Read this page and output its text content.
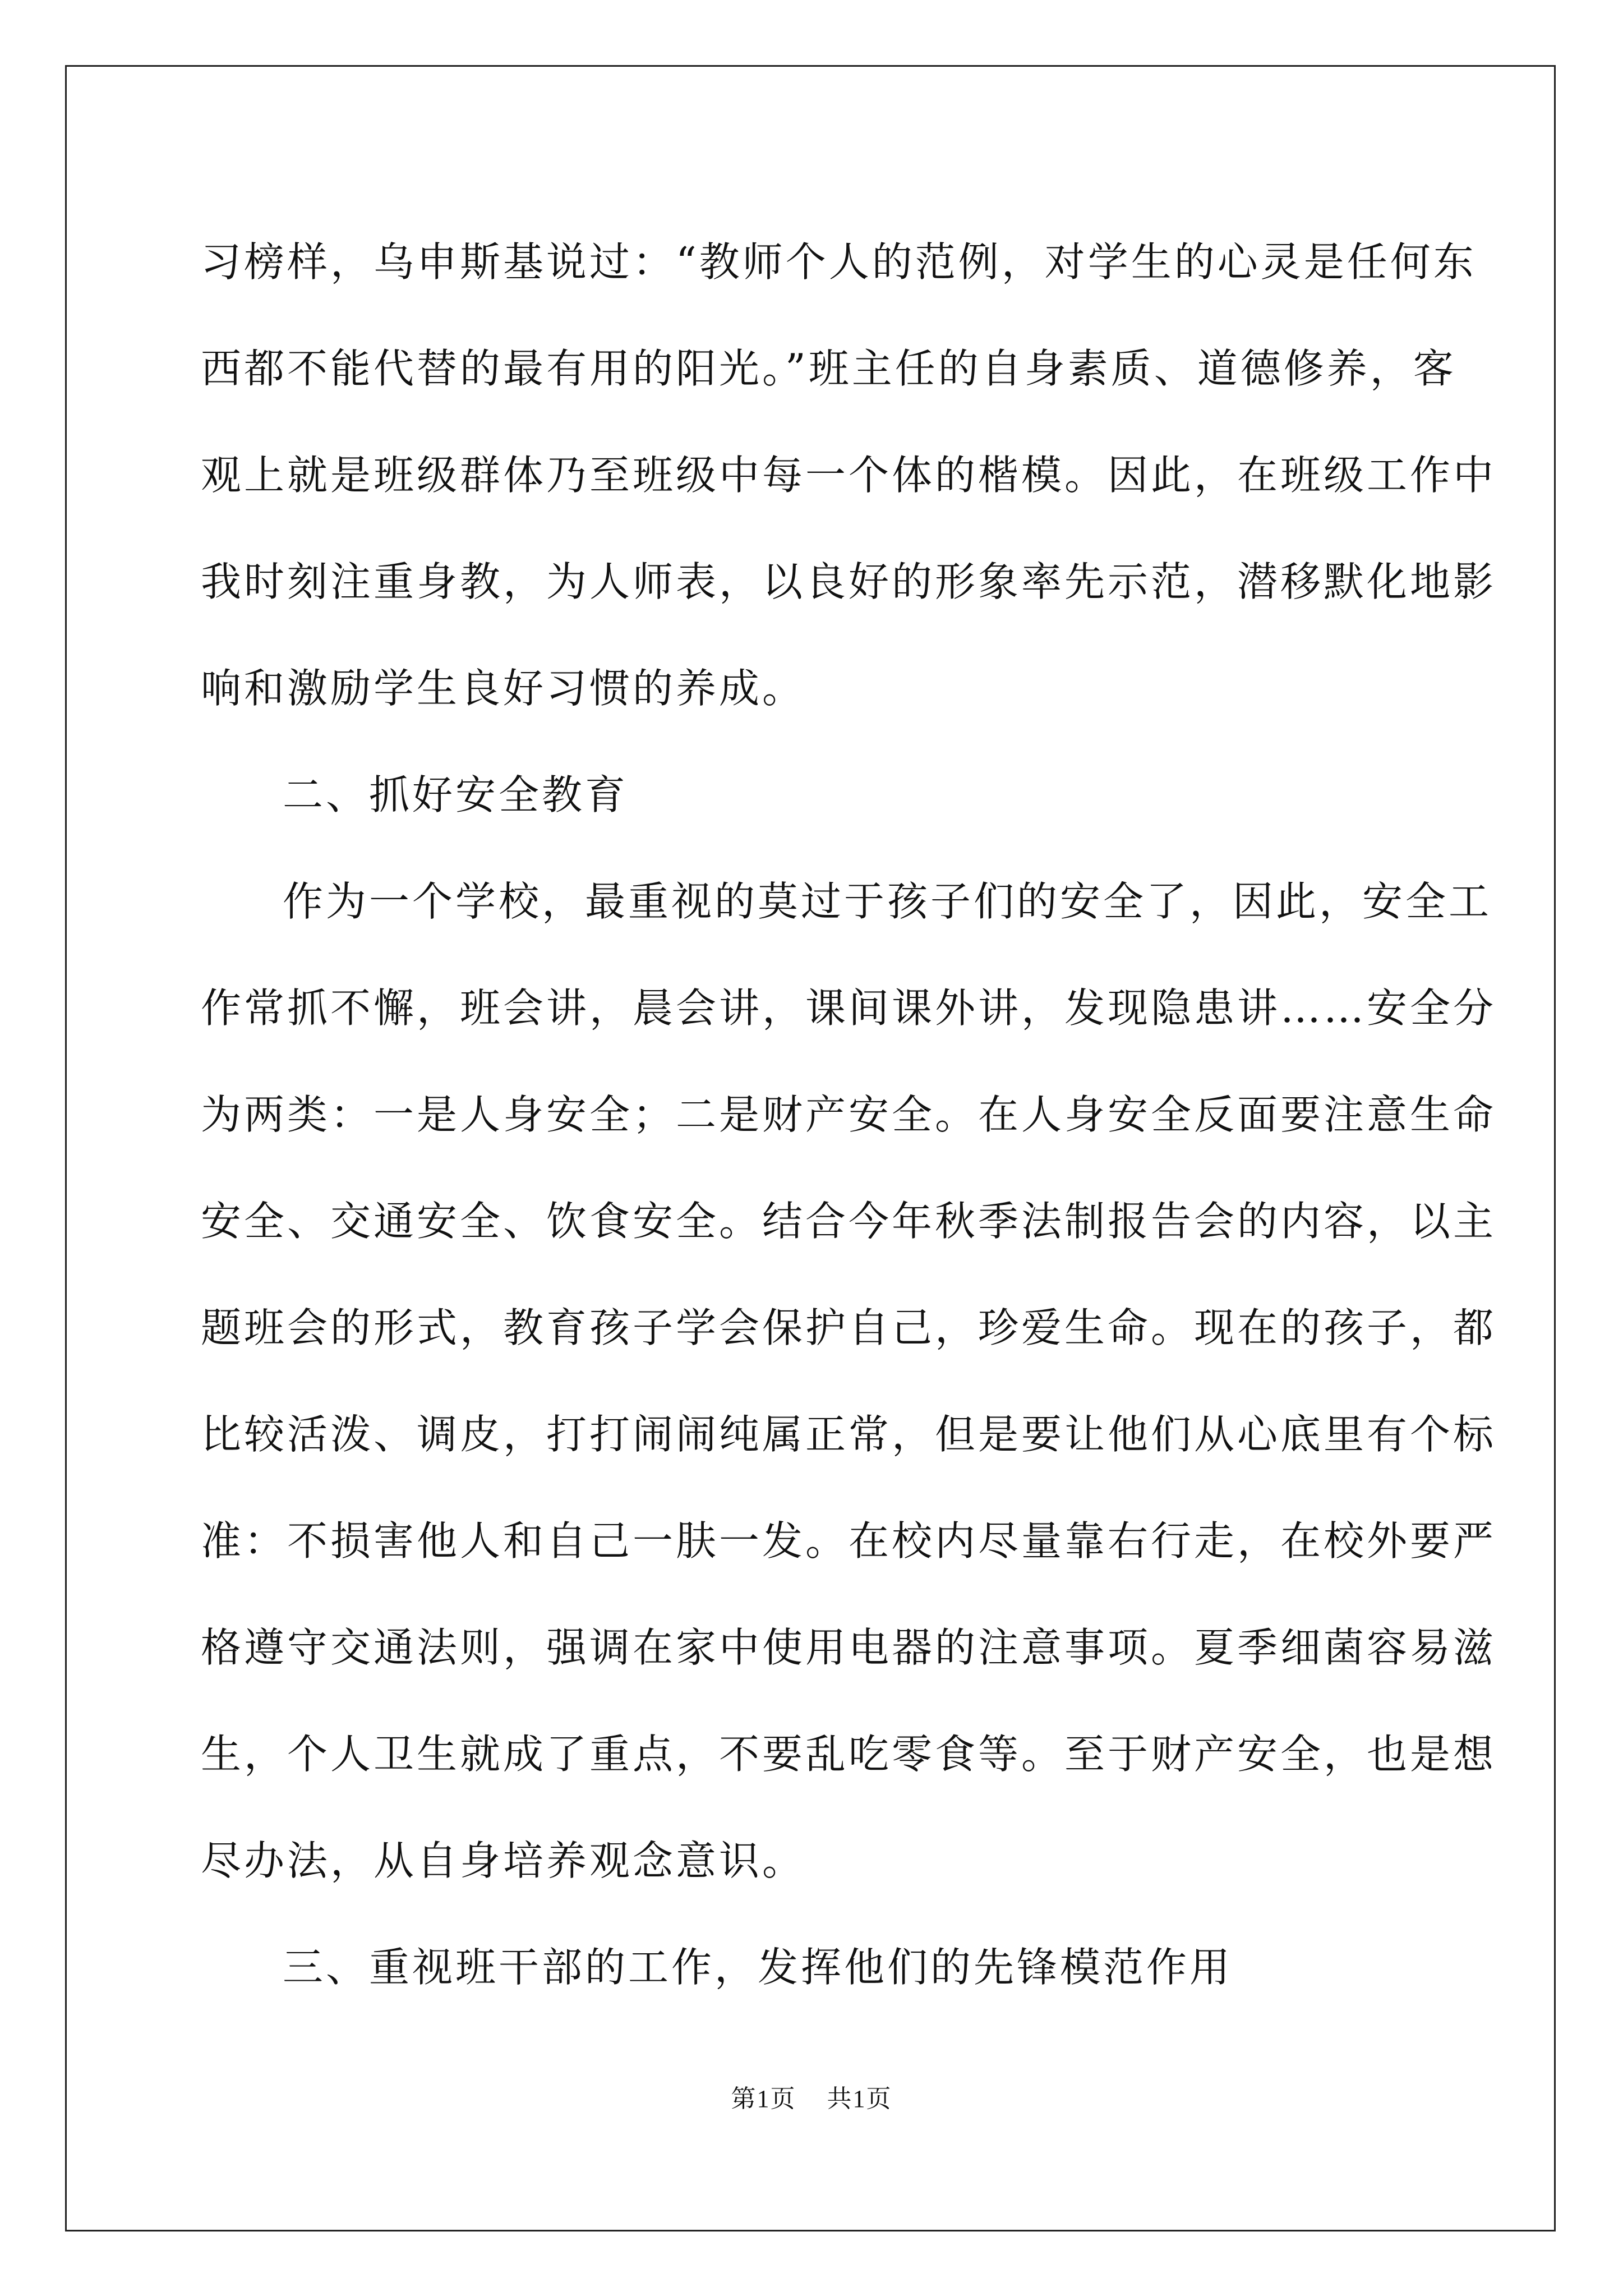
习榜样，乌申斯基说过：“教师个人的范例，对学生的心灵是任何东
西都不能代替的最有用的阳光。”班主任的自身素质、道德修养，客
观上就是班级群体乃至班级中每一个体的楷模。因此，在班级工作中
我时刻注重身教，为人师表，以良好的形象率先示范，潜移默化地影
响和激励学生良好习惯的养成。
二、抓好安全教育
作为一个学校，最重视的莫过于孩子们的安全了，因此，安全工
作常抓不懈，班会讲，晨会讲，课间课外讲，发现隐患讲……安全分
为两类：一是人身安全；二是财产安全。在人身安全反面要注意生命
安全、交通安全、饮食安全。结合今年秋季法制报告会的内容，以主
题班会的形式，教育孩子学会保护自己，珍爱生命。现在的孩子，都
比较活泼、调皮，打打闹闹纯属正常，但是要让他们从心底里有个标
准：不损害他人和自己一肤一发。在校内尽量靠右行走，在校外要严
格遵守交通法则，强调在家中使用电器的注意事项。夏季细菌容易滋
生，个人卫生就成了重点，不要乱吃零食等。至于财产安全，也是想
尽办法，从自身培养观念意识。
三、重视班干部的工作，发挥他们的先锋模范作用
第1页 共1页
